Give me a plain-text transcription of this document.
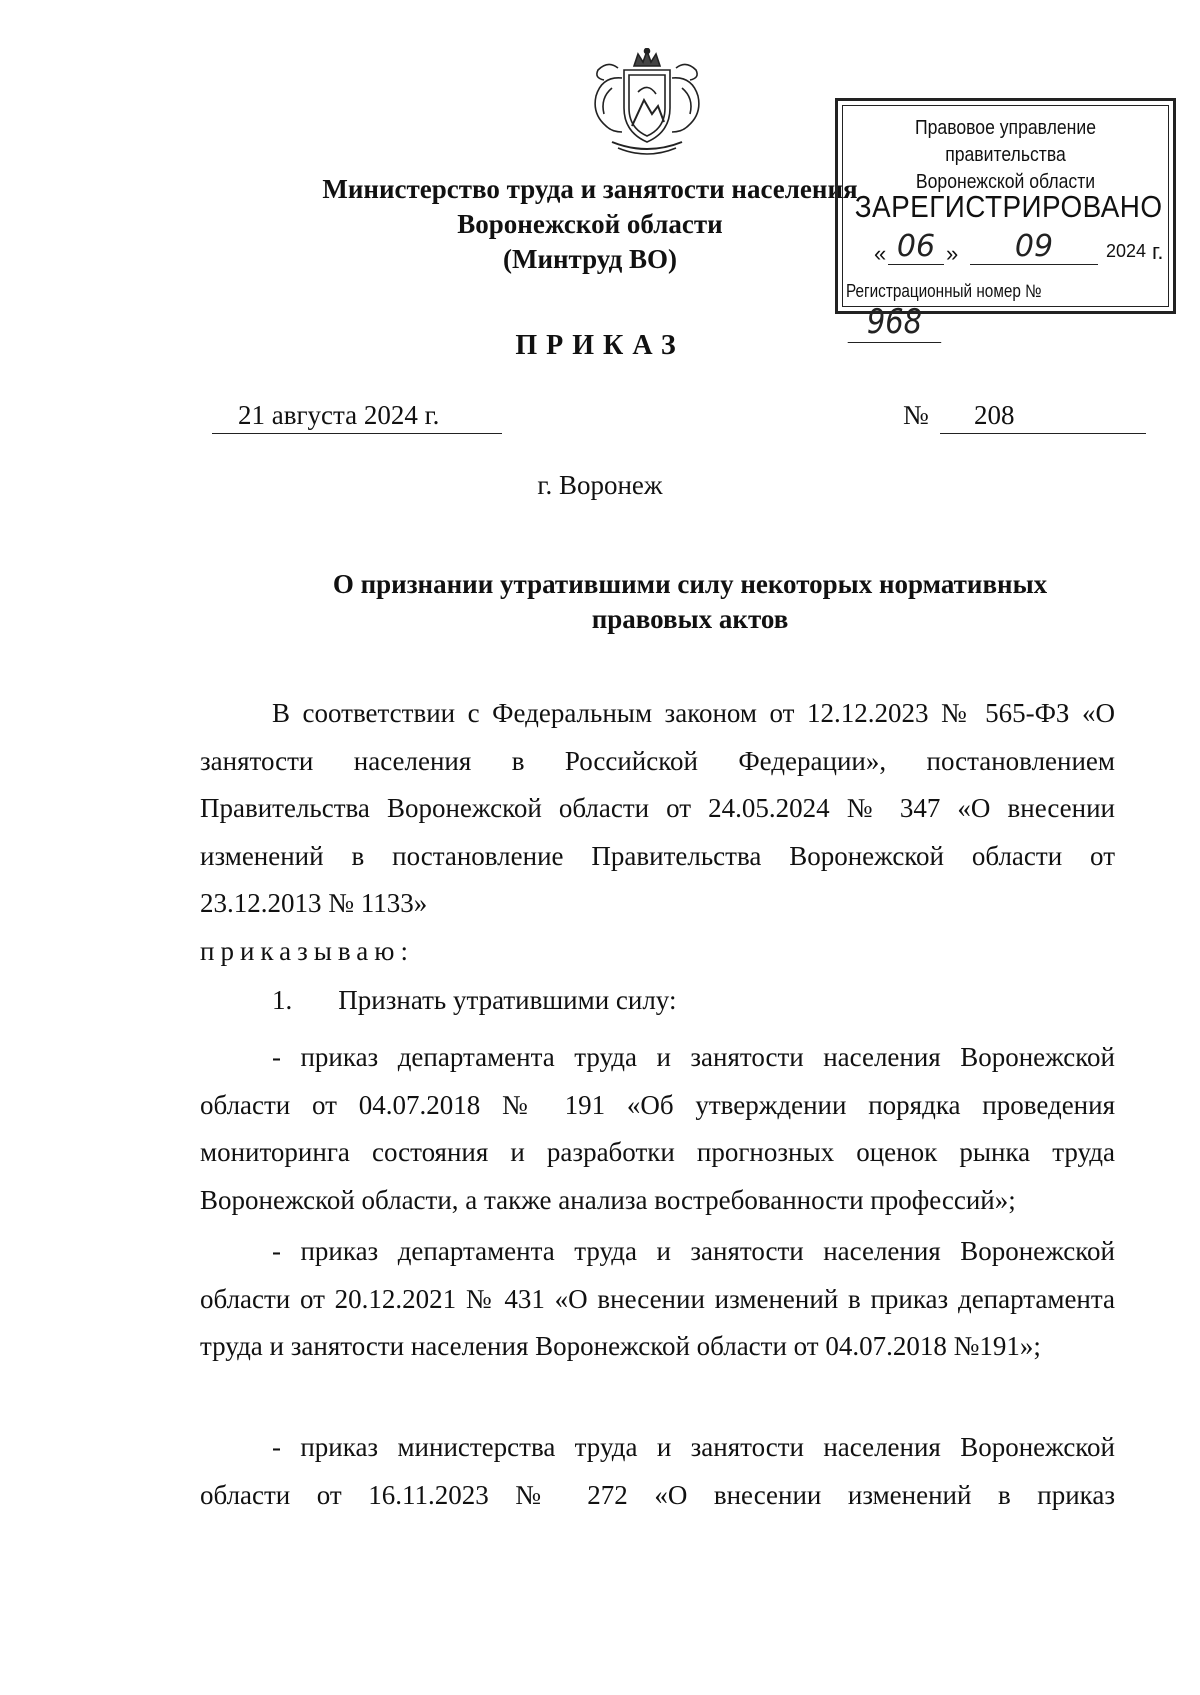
Министерство труда и занятости населения
Воронежской области
(Минтруд ВО)
Правовое управление правительства
Воронежской области
ЗАРЕГИСТРИРОВАНО
« 06 »	09	2024 г.
Регистрационный номер № 968
ПРИКАЗ
21 августа 2024 г.	№	208
г. Воронеж
О признании утратившими силу некоторых нормативных
правовых актов
В соответствии с Федеральным законом от 12.12.2023 № 565-ФЗ «О занятости населения в Российской Федерации», постановлением Правительства Воронежской области от 24.05.2024 № 347 «О внесении изменений в постановление Правительства Воронежской области от 23.12.2013 № 1133»
приказываю:
1. Признать утратившими силу:
- приказ департамента труда и занятости населения Воронежской области от 04.07.2018 № 191 «Об утверждении порядка проведения мониторинга состояния и разработки прогнозных оценок рынка труда Воронежской области, а также анализа востребованности профессий»;
- приказ департамента труда и занятости населения Воронежской области от 20.12.2021 № 431 «О внесении изменений в приказ департамента труда и занятости населения Воронежской области от 04.07.2018 №191»;
- приказ министерства труда и занятости населения Воронежской области от 16.11.2023 № 272 «О внесении изменений в приказ
